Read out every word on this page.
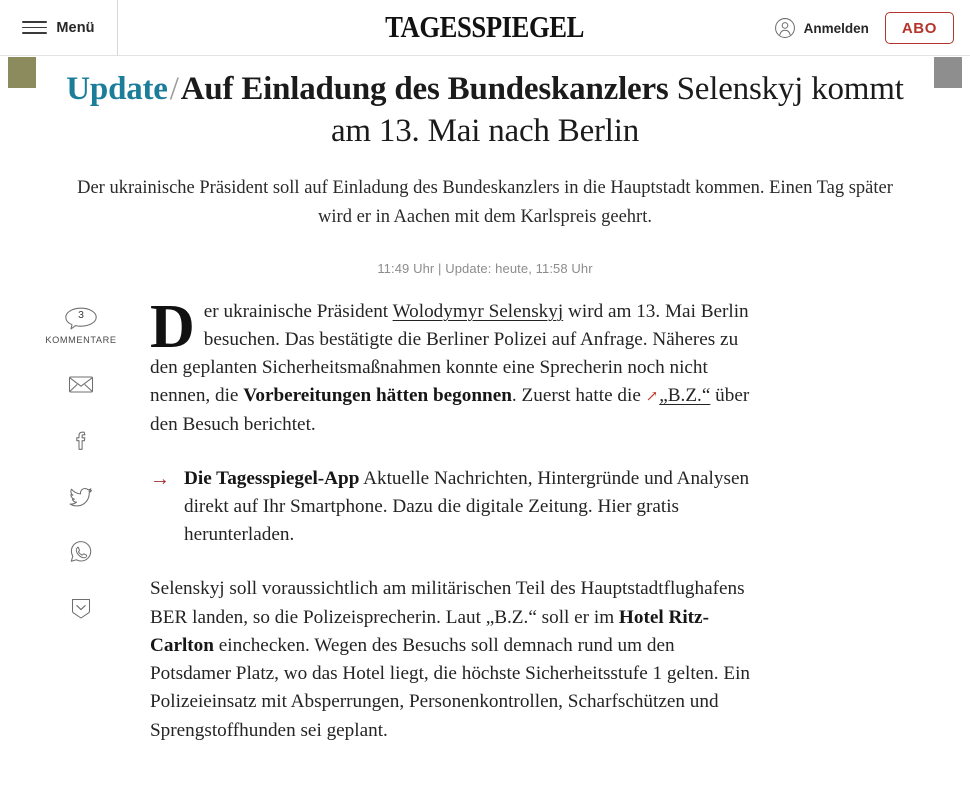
Menü	TAGESSPIEGEL	Anmelden	ABO
Update/Auf Einladung des Bundeskanzlers Selenskyj kommt am 13. Mai nach Berlin

Der ukrainische Präsident soll auf Einladung des Bundeskanzlers in die Hauptstadt kommen. Einen Tag später wird er in Aachen mit dem Karlspreis geehrt.

11:49 Uhr | Update: heute, 11:58 Uhr
3
KOMMENTARE Der ukrainische Präsident Wolodymyr Selenskyj wird am 13. Mai Berlin besuchen. Das bestätigte die Berliner Polizei auf Anfrage. Näheres zu den geplanten Sicherheitsmaßnahmen konnte eine Sprecherin noch nicht nennen, die Vorbereitungen hätten begonnen. Zuerst hatte die ↗„B.Z.“ über den Besuch berichtet.

→ Die Tagesspiegel-App Aktuelle Nachrichten, Hintergründe und Analysen direkt auf Ihr Smartphone. Dazu die digitale Zeitung. Hier gratis herunterladen.

Selenskyj soll voraussichtlich am militärischen Teil des Hauptstadtflughafens BER landen, so die Polizeisprecherin. Laut „B.Z.“ soll er im Hotel Ritz-Carlton einchecken. Wegen des Besuchs soll demnach rund um den Potsdamer Platz, wo das Hotel liegt, die höchste Sicherheitsstufe 1 gelten. Ein Polizeieinsatz mit Absperrungen, Personenkontrollen, Scharfschützen und Sprengstoffhunden sei geplant.
